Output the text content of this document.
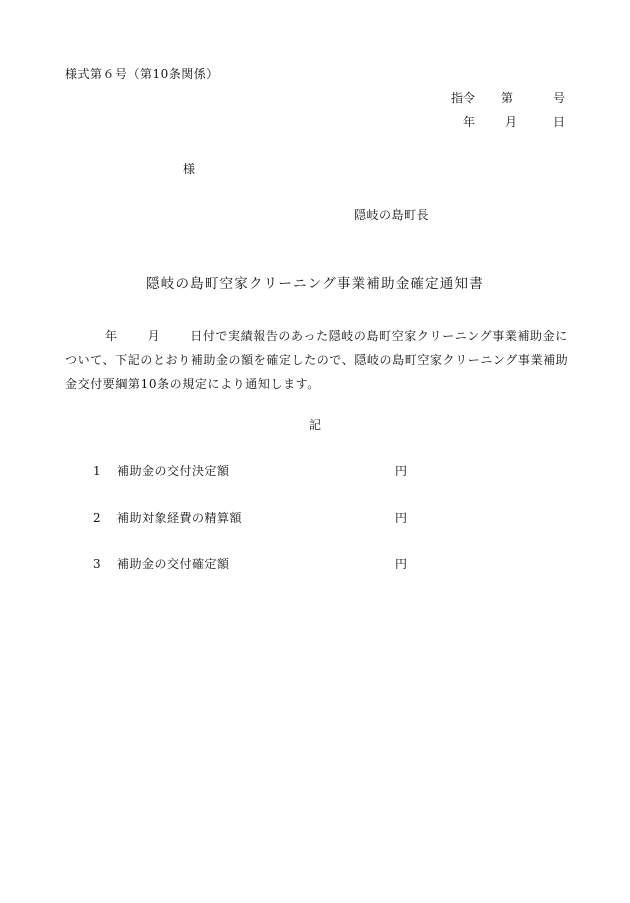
様式第６号（第10条関係）
指令	第	号
年	月	日
様
隠岐の島町長
隠岐の島町空家クリーニング事業補助金確定通知書
年	月	日付で実績報告のあった隠岐の島町空家クリーニング事業補助金について、下記のとおり補助金の額を確定したので、隠岐の島町空家クリーニング事業補助金交付要綱第10条の規定により通知します。
記
1	補助金の交付決定額	円
2	補助対象経費の精算額	円
3	補助金の交付確定額	円
